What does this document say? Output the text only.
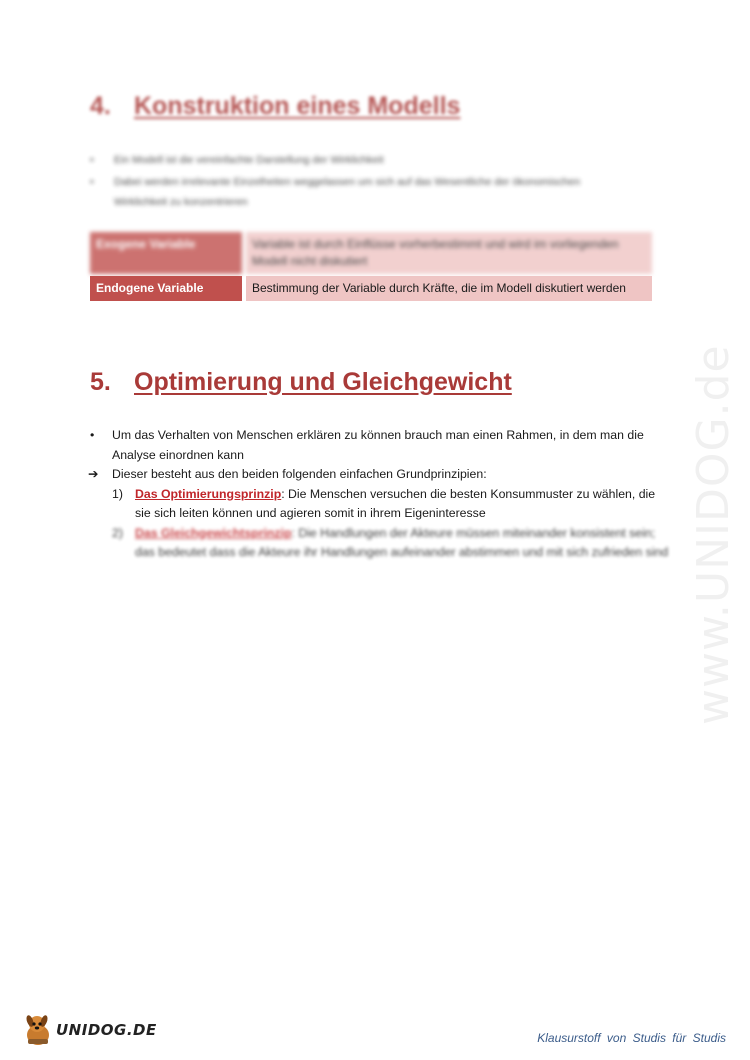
www.UNIDOG.de
4. Konstruktion eines Modells
•	Ein Modell ist die vereinfachte Darstellung der Wirklichkeit
•	Dabei werden irrelevante Einzelheiten weggelassen um sich auf das Wesentliche der ökonomischen Wirklichkeit zu konzentrieren
Exogene Variable	Variable ist durch Einflüsse vorherbestimmt und wird im vorliegenden Modell nicht diskutiert
Endogene Variable	Bestimmung der Variable durch Kräfte, die im Modell diskutiert werden
5. Optimierung und Gleichgewicht
•	Um das Verhalten von Menschen erklären zu können brauch man einen Rahmen, in dem man die Analyse einordnen kann
➔	Dieser besteht aus den beiden folgenden einfachen Grundprinzipien:
1) Das Optimierungsprinzip: Die Menschen versuchen die besten Konsummuster zu wählen, die sie sich leiten können und agieren somit in ihrem Eigeninteresse
2) Das Gleichgewichtsprinzip: Die Handlungen der Akteure müssen miteinander konsistent sein; das bedeutet dass die Akteure ihr Handlungen aufeinander abstimmen und mit sich zufrieden sind
UNIDOG.DE	Klausurstoff von Studis für Studis
